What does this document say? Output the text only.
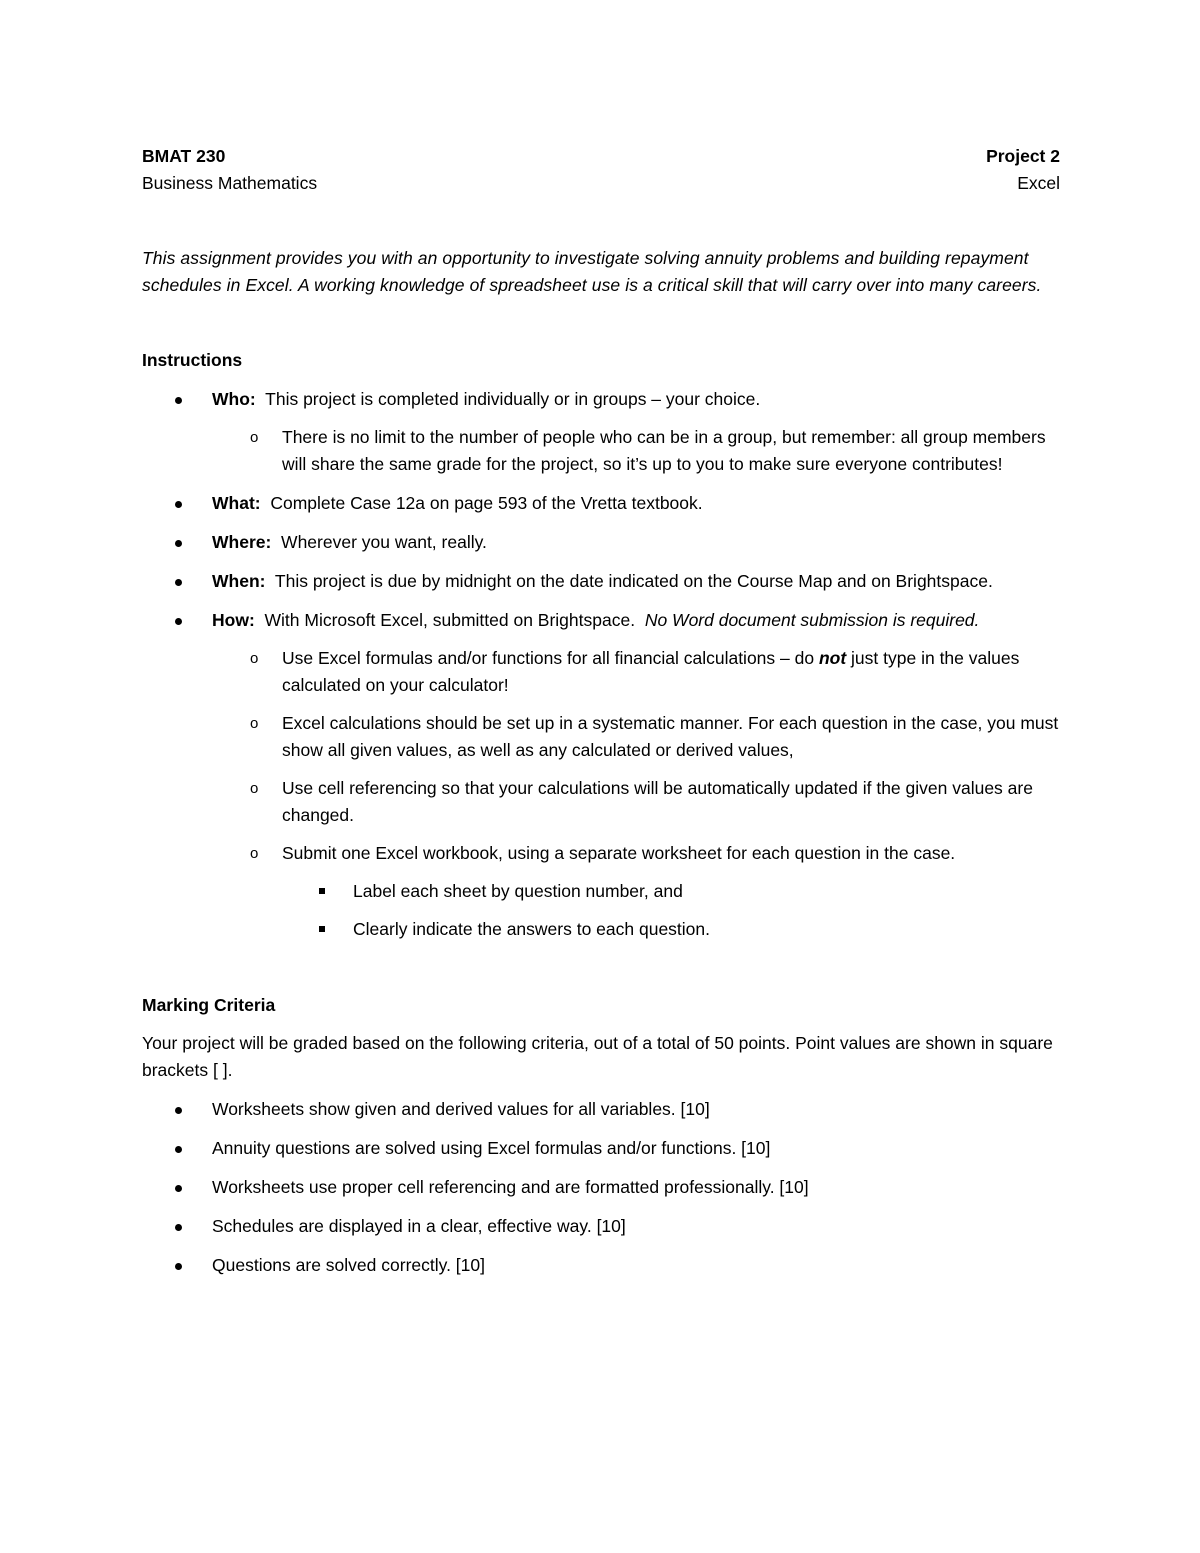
BMAT 230	Project 2
Business Mathematics	Excel
This assignment provides you with an opportunity to investigate solving annuity problems and building repayment schedules in Excel. A working knowledge of spreadsheet use is a critical skill that will carry over into many careers.
Instructions
Who: This project is completed individually or in groups – your choice.
o There is no limit to the number of people who can be in a group, but remember: all group members will share the same grade for the project, so it’s up to you to make sure everyone contributes!
What: Complete Case 12a on page 593 of the Vretta textbook.
Where: Wherever you want, really.
When: This project is due by midnight on the date indicated on the Course Map and on Brightspace.
How: With Microsoft Excel, submitted on Brightspace. No Word document submission is required.
o Use Excel formulas and/or functions for all financial calculations – do not just type in the values calculated on your calculator!
o Excel calculations should be set up in a systematic manner. For each question in the case, you must show all given values, as well as any calculated or derived values,
o Use cell referencing so that your calculations will be automatically updated if the given values are changed.
o Submit one Excel workbook, using a separate worksheet for each question in the case.
Label each sheet by question number, and
Clearly indicate the answers to each question.
Marking Criteria
Your project will be graded based on the following criteria, out of a total of 50 points. Point values are shown in square brackets [ ].
Worksheets show given and derived values for all variables. [10]
Annuity questions are solved using Excel formulas and/or functions. [10]
Worksheets use proper cell referencing and are formatted professionally. [10]
Schedules are displayed in a clear, effective way. [10]
Questions are solved correctly. [10]
